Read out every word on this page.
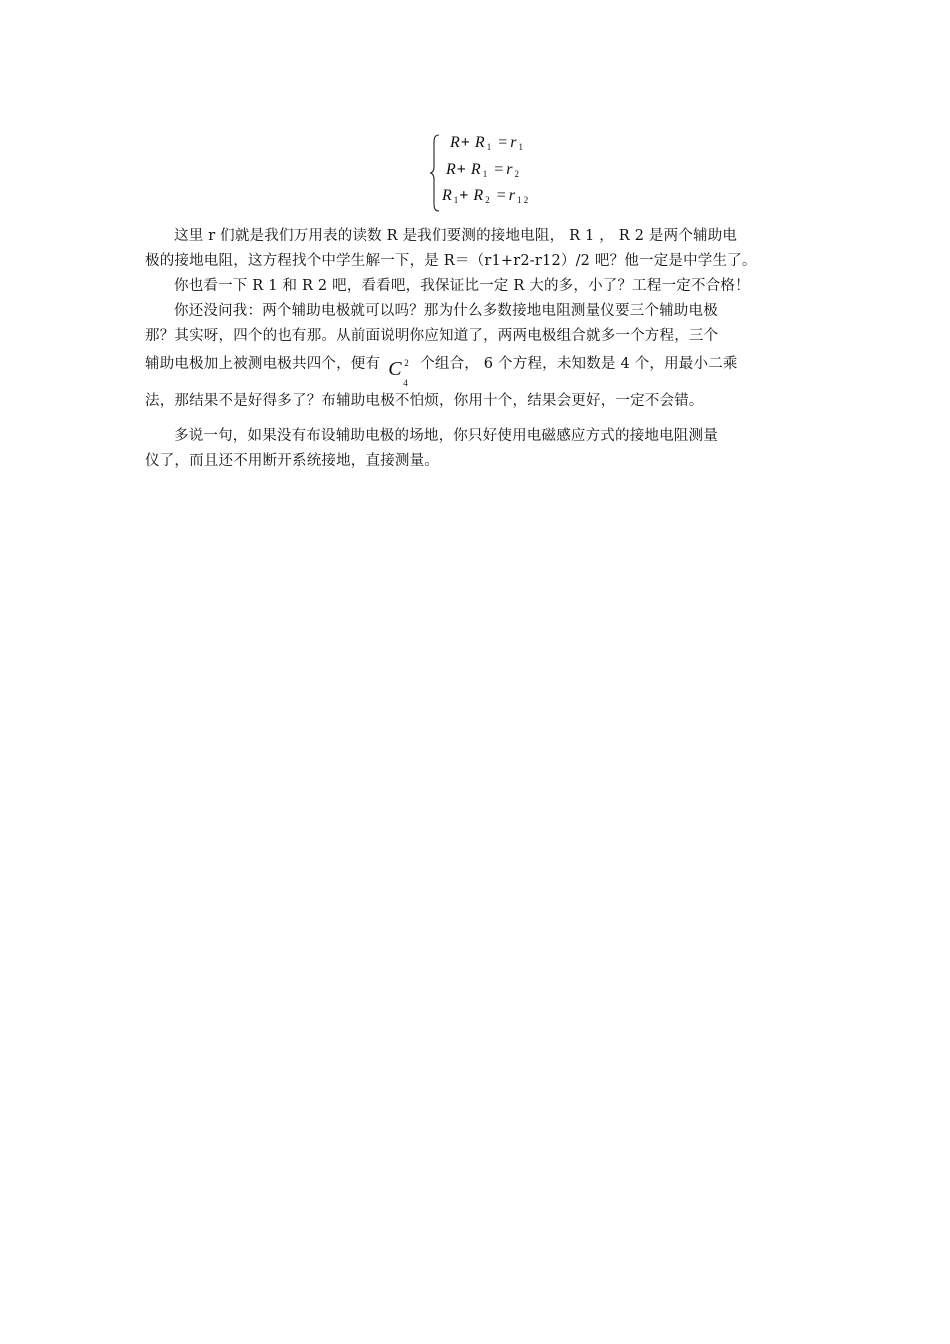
R+ R $_1$ = r $_1$
R+ R $_1$ = r $_2$
R $_1$+ R $_2$ = r $_{1 2}$
这里 r 们就是我们万用表的读数 R 是我们要测的接地电阻， R 1 ， R 2 是两个辅助电
极的接地电阻，这方程找个中学生解一下，是 R＝（r1+r2-r12）/2 吧？他一定是中学生了。
你也看一下 R 1 和 R 2 吧，看看吧，我保证比一定 R 大的多，小了？工程一定不合格！
你还没问我：两个辅助电极就可以吗？那为什么多数接地电阻测量仪要三个辅助电极
那？其实呀，四个的也有那。从前面说明你应知道了，两两电极组合就多一个方程，三个
辅助电极加上被测电极共四个，便有 C 2
4
个组合， 6 个方程，未知数是 4 个，用最小二乘
法，那结果不是好得多了？布辅助电极不怕烦，你用十个，结果会更好，一定不会错。
多说一句，如果没有布设辅助电极的场地，你只好使用电磁感应方式的接地电阻测量
仪了，而且还不用断开系统接地，直接测量。
